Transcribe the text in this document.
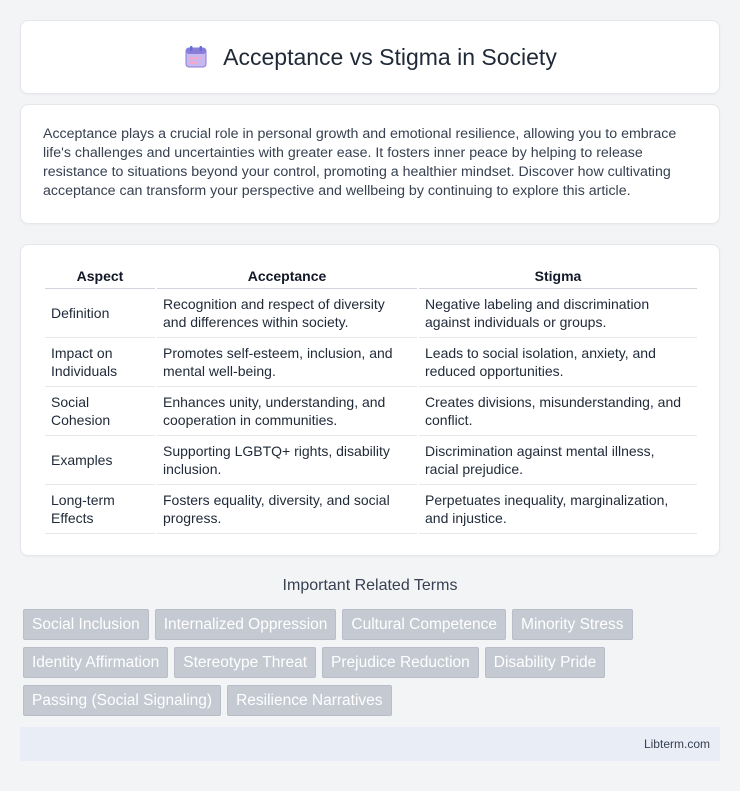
Acceptance vs Stigma in Society

Acceptance plays a crucial role in personal growth and emotional resilience, allowing you to embrace life's challenges and uncertainties with greater ease. It fosters inner peace by helping to release resistance to situations beyond your control, promoting a healthier mindset. Discover how cultivating acceptance can transform your perspective and wellbeing by continuing to explore this article.

Aspect	Acceptance	Stigma
Definition	Recognition and respect of diversity and differences within society.	Negative labeling and discrimination against individuals or groups.
Impact on Individuals	Promotes self-esteem, inclusion, and mental well-being.	Leads to social isolation, anxiety, and reduced opportunities.
Social Cohesion	Enhances unity, understanding, and cooperation in communities.	Creates divisions, misunderstanding, and conflict.
Examples	Supporting LGBTQ+ rights, disability inclusion.	Discrimination against mental illness, racial prejudice.
Long-term Effects	Fosters equality, diversity, and social progress.	Perpetuates inequality, marginalization, and injustice.
Important Related Terms
Social Inclusion	Internalized Oppression	Cultural Competence	Minority Stress
Identity Affirmation	Stereotype Threat	Prejudice Reduction	Disability Pride
Passing (Social Signaling)	Resilience Narratives
Libterm.com
